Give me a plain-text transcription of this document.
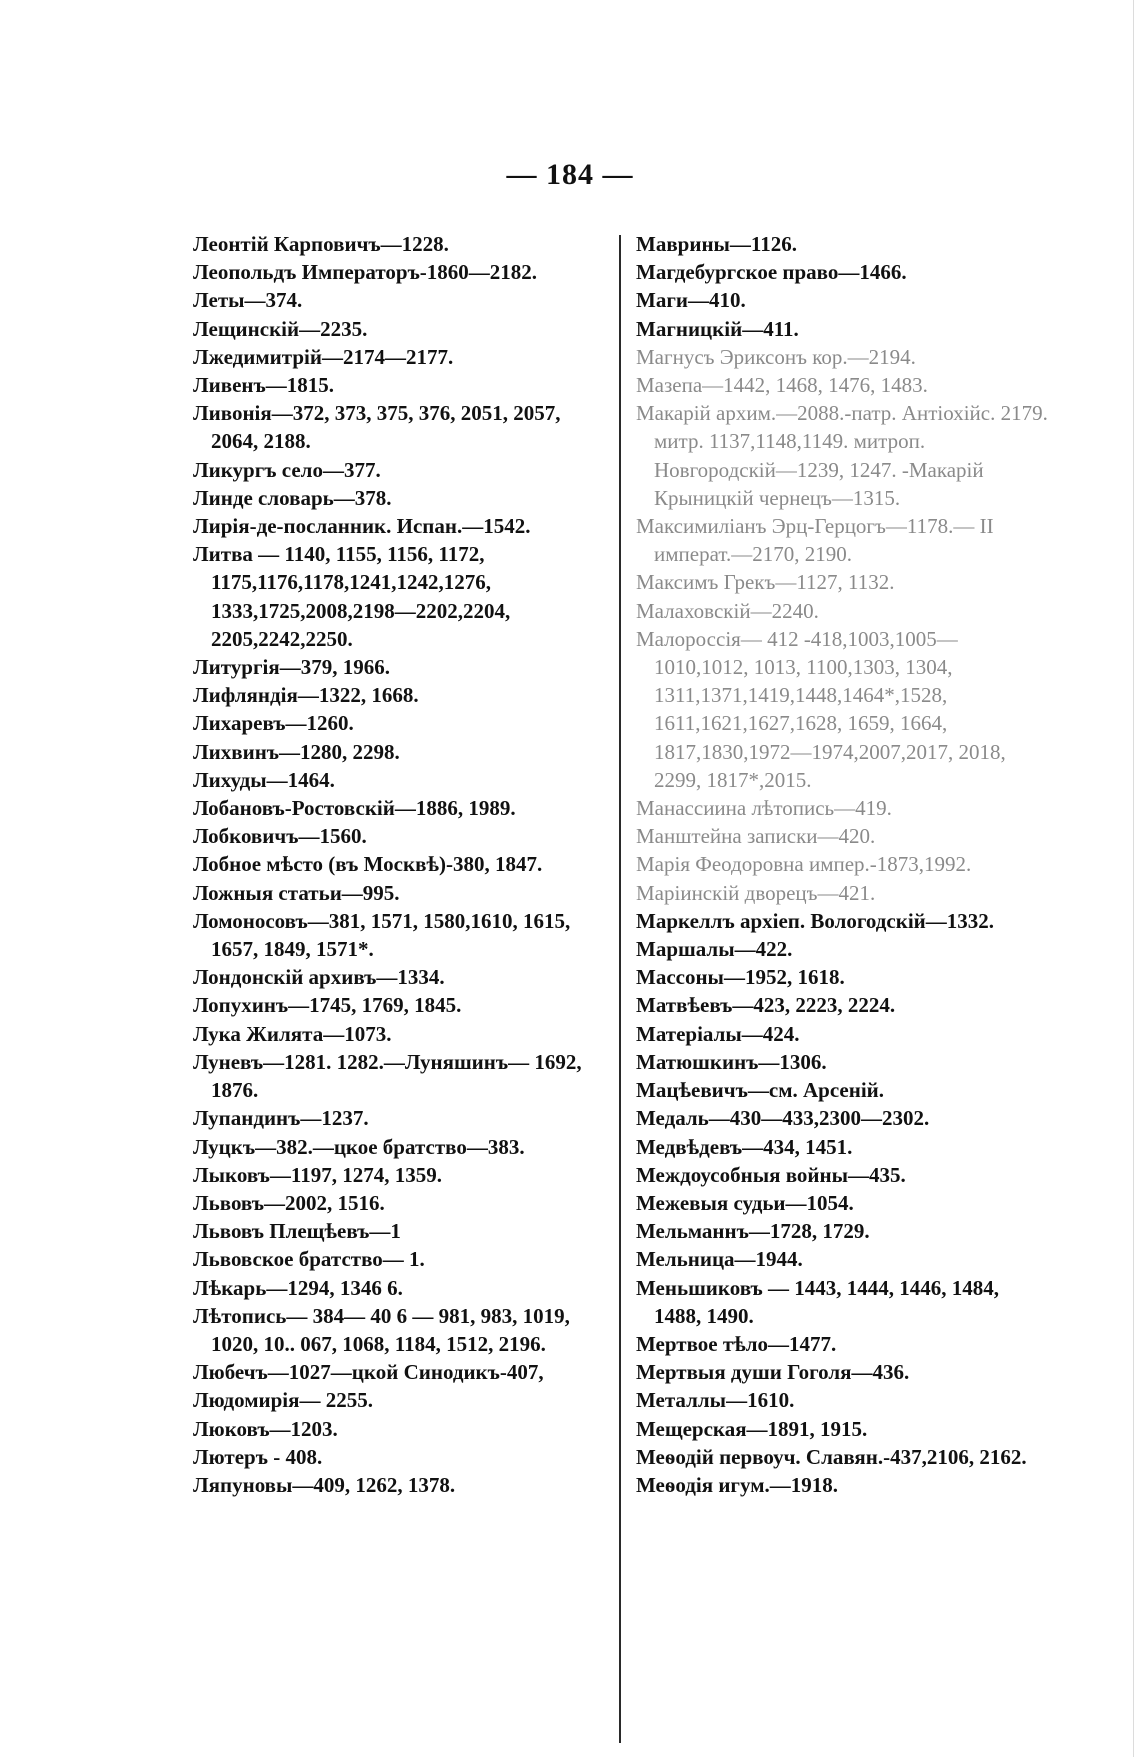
— 184 —
Леонтій Карповичъ—1228.
Леопольдъ Императоръ-1860—2182.
Леты—374.
Лещинскій—2235.
Лжедимитрій—2174—2177.
Ливенъ—1815.
Ливонія—372, 373, 375, 376, 2051, 2057, 2064, 2188.
Ликургъ село—377.
Линде словарь—378.
Лирія-де-посланник. Испан.—1542.
Литва — 1140, 1155, 1156, 1172, 1175,1176,1178,1241,1242,1276, 1333,1725,2008,2198—2202,2204, 2205,2242,2250.
Литургія—379, 1966.
Лифляндія—1322, 1668.
Лихаревъ—1260.
Лихвинъ—1280, 2298.
Лихуды—1464.
Лобановъ-Ростовскій—1886, 1989.
Лобковичъ—1560.
Лобное мѣсто (въ Москвѣ)-380, 1847.
Ложныя статьи—995.
Ломоносовъ—381, 1571, 1580,1610, 1615, 1657, 1849, 1571*.
Лондонскій архивъ—1334.
Лопухинъ—1745, 1769, 1845.
Лука Жилята—1073.
Луневъ—1281. 1282.—Луняшинъ— 1692, 1876.
Лупандинъ—1237.
Луцкъ—382.—цкое братство—383.
Лыковъ—1197, 1274, 1359.
Львовъ—2002, 1516.
Львовъ Плещѣевъ—1
Львовское братство— 1.
Лѣкарь—1294, 1346 6.
Лѣтопись— 384— 40 6 — 981, 983, 1019, 1020, 10.. 067, 1068, 1184, 1512, 2196.
Любечъ—1027—цкой Синодикъ-407,
Людомирія— 2255.
Люковъ—1203.
Лютеръ - 408.
Ляпуновы—409, 1262, 1378.
Маврины—1126.
Магдебургское право—1466.
Маги—410.
Магницкій—411.
Магнусъ Эриксонъ кор.—2194.
Мазепа—1442, 1468, 1476, 1483.
Макарій архим.—2088.-патр. Антіохійс. 2179. митр. 1137,1148,1149. митроп. Новгородскій—1239, 1247. -Макарій Крыницкій чернецъ—1315.
Максимиліанъ Эрц-Герцогъ—1178.— II императ.—2170, 2190.
Максимъ Грекъ—1127, 1132.
Малаховскій—2240.
Малороссія— 412 -418,1003,1005— 1010,1012, 1013, 1100,1303, 1304, 1311,1371,1419,1448,1464*,1528, 1611,1621,1627,1628, 1659, 1664, 1817,1830,1972—1974,2007,2017, 2018, 2299, 1817*,2015.
Манассиина лѣтопись—419.
Манштейна записки—420.
Марія Феодоровна импер.-1873,1992.
Маріинскій дворецъ—421.
Маркеллъ архіеп. Вологодскій—1332.
Маршалы—422.
Массоны—1952, 1618.
Матвѣевъ—423, 2223, 2224.
Матеріалы—424.
Матюшкинъ—1306.
Мацѣевичъ—см. Арсеній.
Медаль—430—433,2300—2302.
Медвѣдевъ—434, 1451.
Междоусобныя войны—435.
Межевыя судьи—1054.
Мельманнъ—1728, 1729.
Мельница—1944.
Меньшиковъ — 1443, 1444, 1446, 1484, 1488, 1490.
Мертвое тѣло—1477.
Мертвыя души Гоголя—436.
Металлы—1610.
Мещерская—1891, 1915.
Меѳодій первоуч. Славян.-437,2106, 2162.
Меѳодія игум.—1918.
